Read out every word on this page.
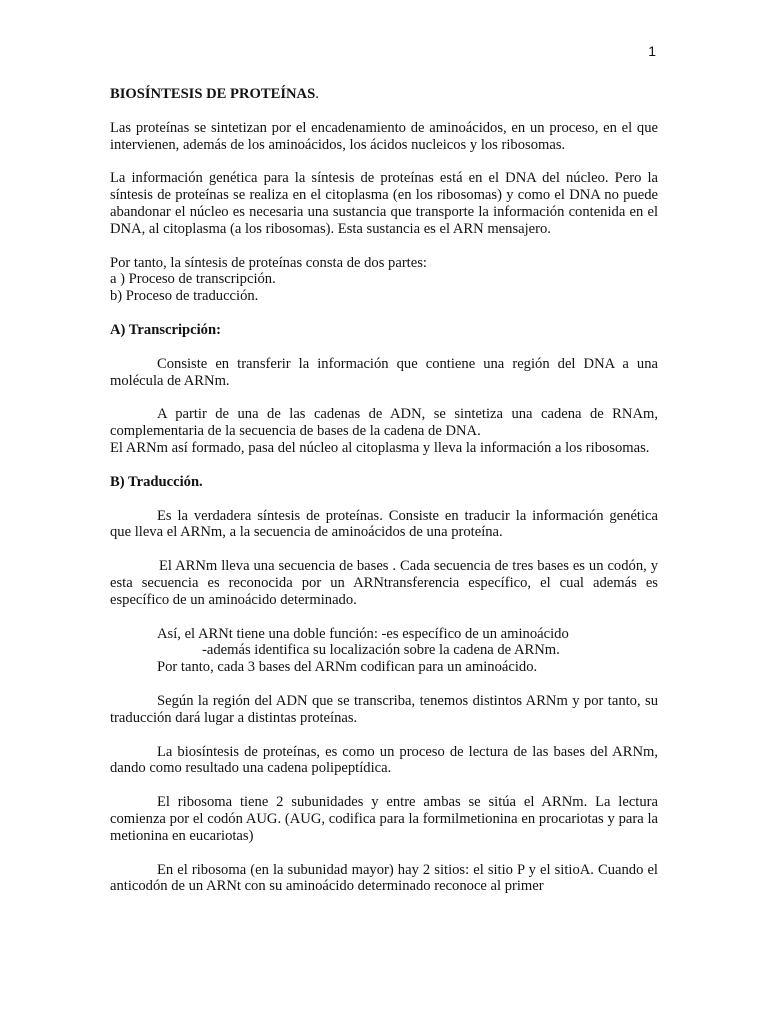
1
BIOSÍNTESIS DE PROTEÍNAS.

Las proteínas se sintetizan por el encadenamiento de aminoácidos, en un proceso, en el que intervienen, además de los aminoácidos, los ácidos nucleicos y los ribosomas.

La información genética para la síntesis de proteínas está en el DNA del núcleo. Pero la síntesis de proteínas se realiza en el citoplasma (en los ribosomas) y como el DNA no puede abandonar el núcleo es necesaria una sustancia que transporte la información contenida en el DNA, al citoplasma (a los ribosomas). Esta sustancia es el ARN mensajero.

Por tanto, la síntesis de proteínas consta de dos partes:
a ) Proceso de transcripción.
b) Proceso de traducción.
A) Transcripción:

Consiste en transferir la información que contiene una región del DNA a una molécula de ARNm.

A partir de una de las cadenas de ADN, se sintetiza una cadena de RNAm, complementaria de la secuencia de bases de la cadena de DNA.

El ARNm así formado, pasa del núcleo al citoplasma y lleva la información a los ribosomas.

B) Traducción.

Es la verdadera síntesis de proteínas. Consiste en traducir la información genética que lleva el ARNm, a la secuencia de aminoácidos de una proteína.

El ARNm lleva una secuencia de bases . Cada secuencia de tres bases es un codón, y esta secuencia es reconocida por un ARNtransferencia específico, el cual además es específico de un aminoácido determinado.

Así, el ARNt tiene una doble función: -es específico de un aminoácido
-además identifica su localización sobre la cadena de ARNm.
Por tanto, cada 3 bases del ARNm codifican para un aminoácido.

Según la región del ADN que se transcriba, tenemos distintos ARNm y por tanto, su traducción dará lugar a distintas proteínas.

La biosíntesis de proteínas, es como un proceso de lectura de las bases del ARNm, dando como resultado una cadena polipeptídica.

El ribosoma tiene 2 subunidades y entre ambas se sitúa el ARNm. La lectura comienza por el codón AUG. (AUG, codifica para la formilmetionina en procariotas y para la metionina en eucariotas)

En el ribosoma (en la subunidad mayor) hay 2 sitios: el sitio P y el sitioA. Cuando el anticodón de un ARNt con su aminoácido determinado reconoce al primer
